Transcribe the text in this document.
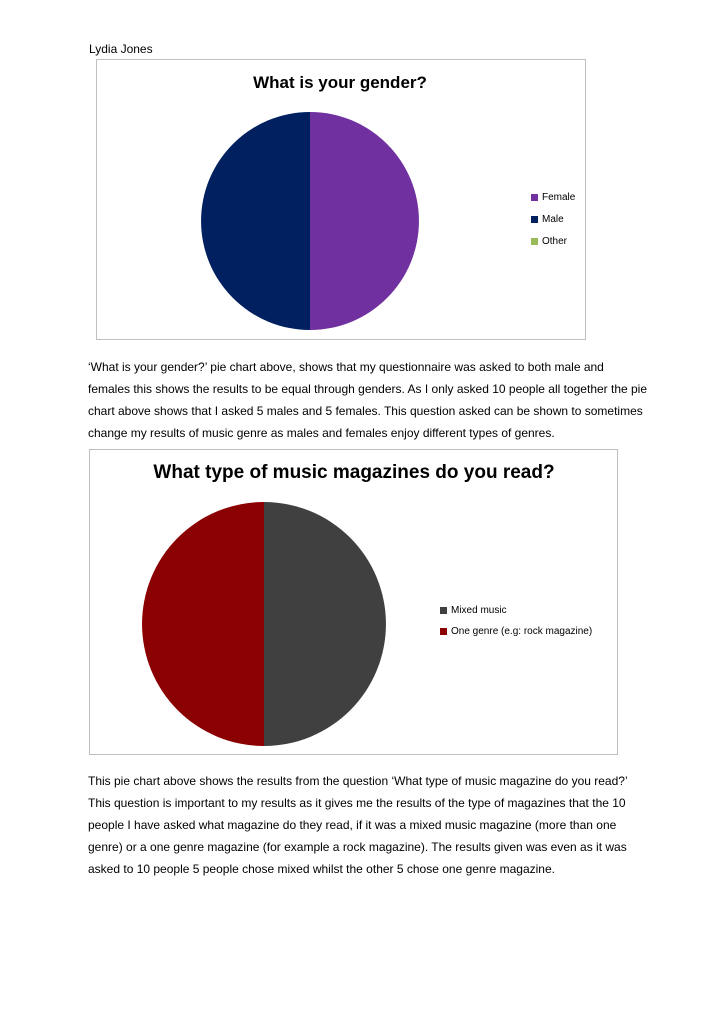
Lydia Jones
What is your gender?
Female
Male
Other

‘What is your gender?’ pie chart above, shows that my questionnaire was asked to both male and females this shows the results to be equal through genders. As I only asked 10 people all together the pie chart above shows that I asked 5 males and 5 females. This question asked can be shown to sometimes change my results of music genre as males and females enjoy different types of genres.

What type of music magazines do you read?
Mixed music
One genre (e.g: rock magazine)

This pie chart above shows the results from the question ‘What type of music magazine do you read?’ This question is important to my results as it gives me the results of the type of magazines that the 10 people I have asked what magazine do they read, if it was a mixed music magazine (more than one genre) or a one genre magazine (for example a rock magazine). The results given was even as it was asked to 10 people 5 people chose mixed whilst the other 5 chose one genre magazine.
